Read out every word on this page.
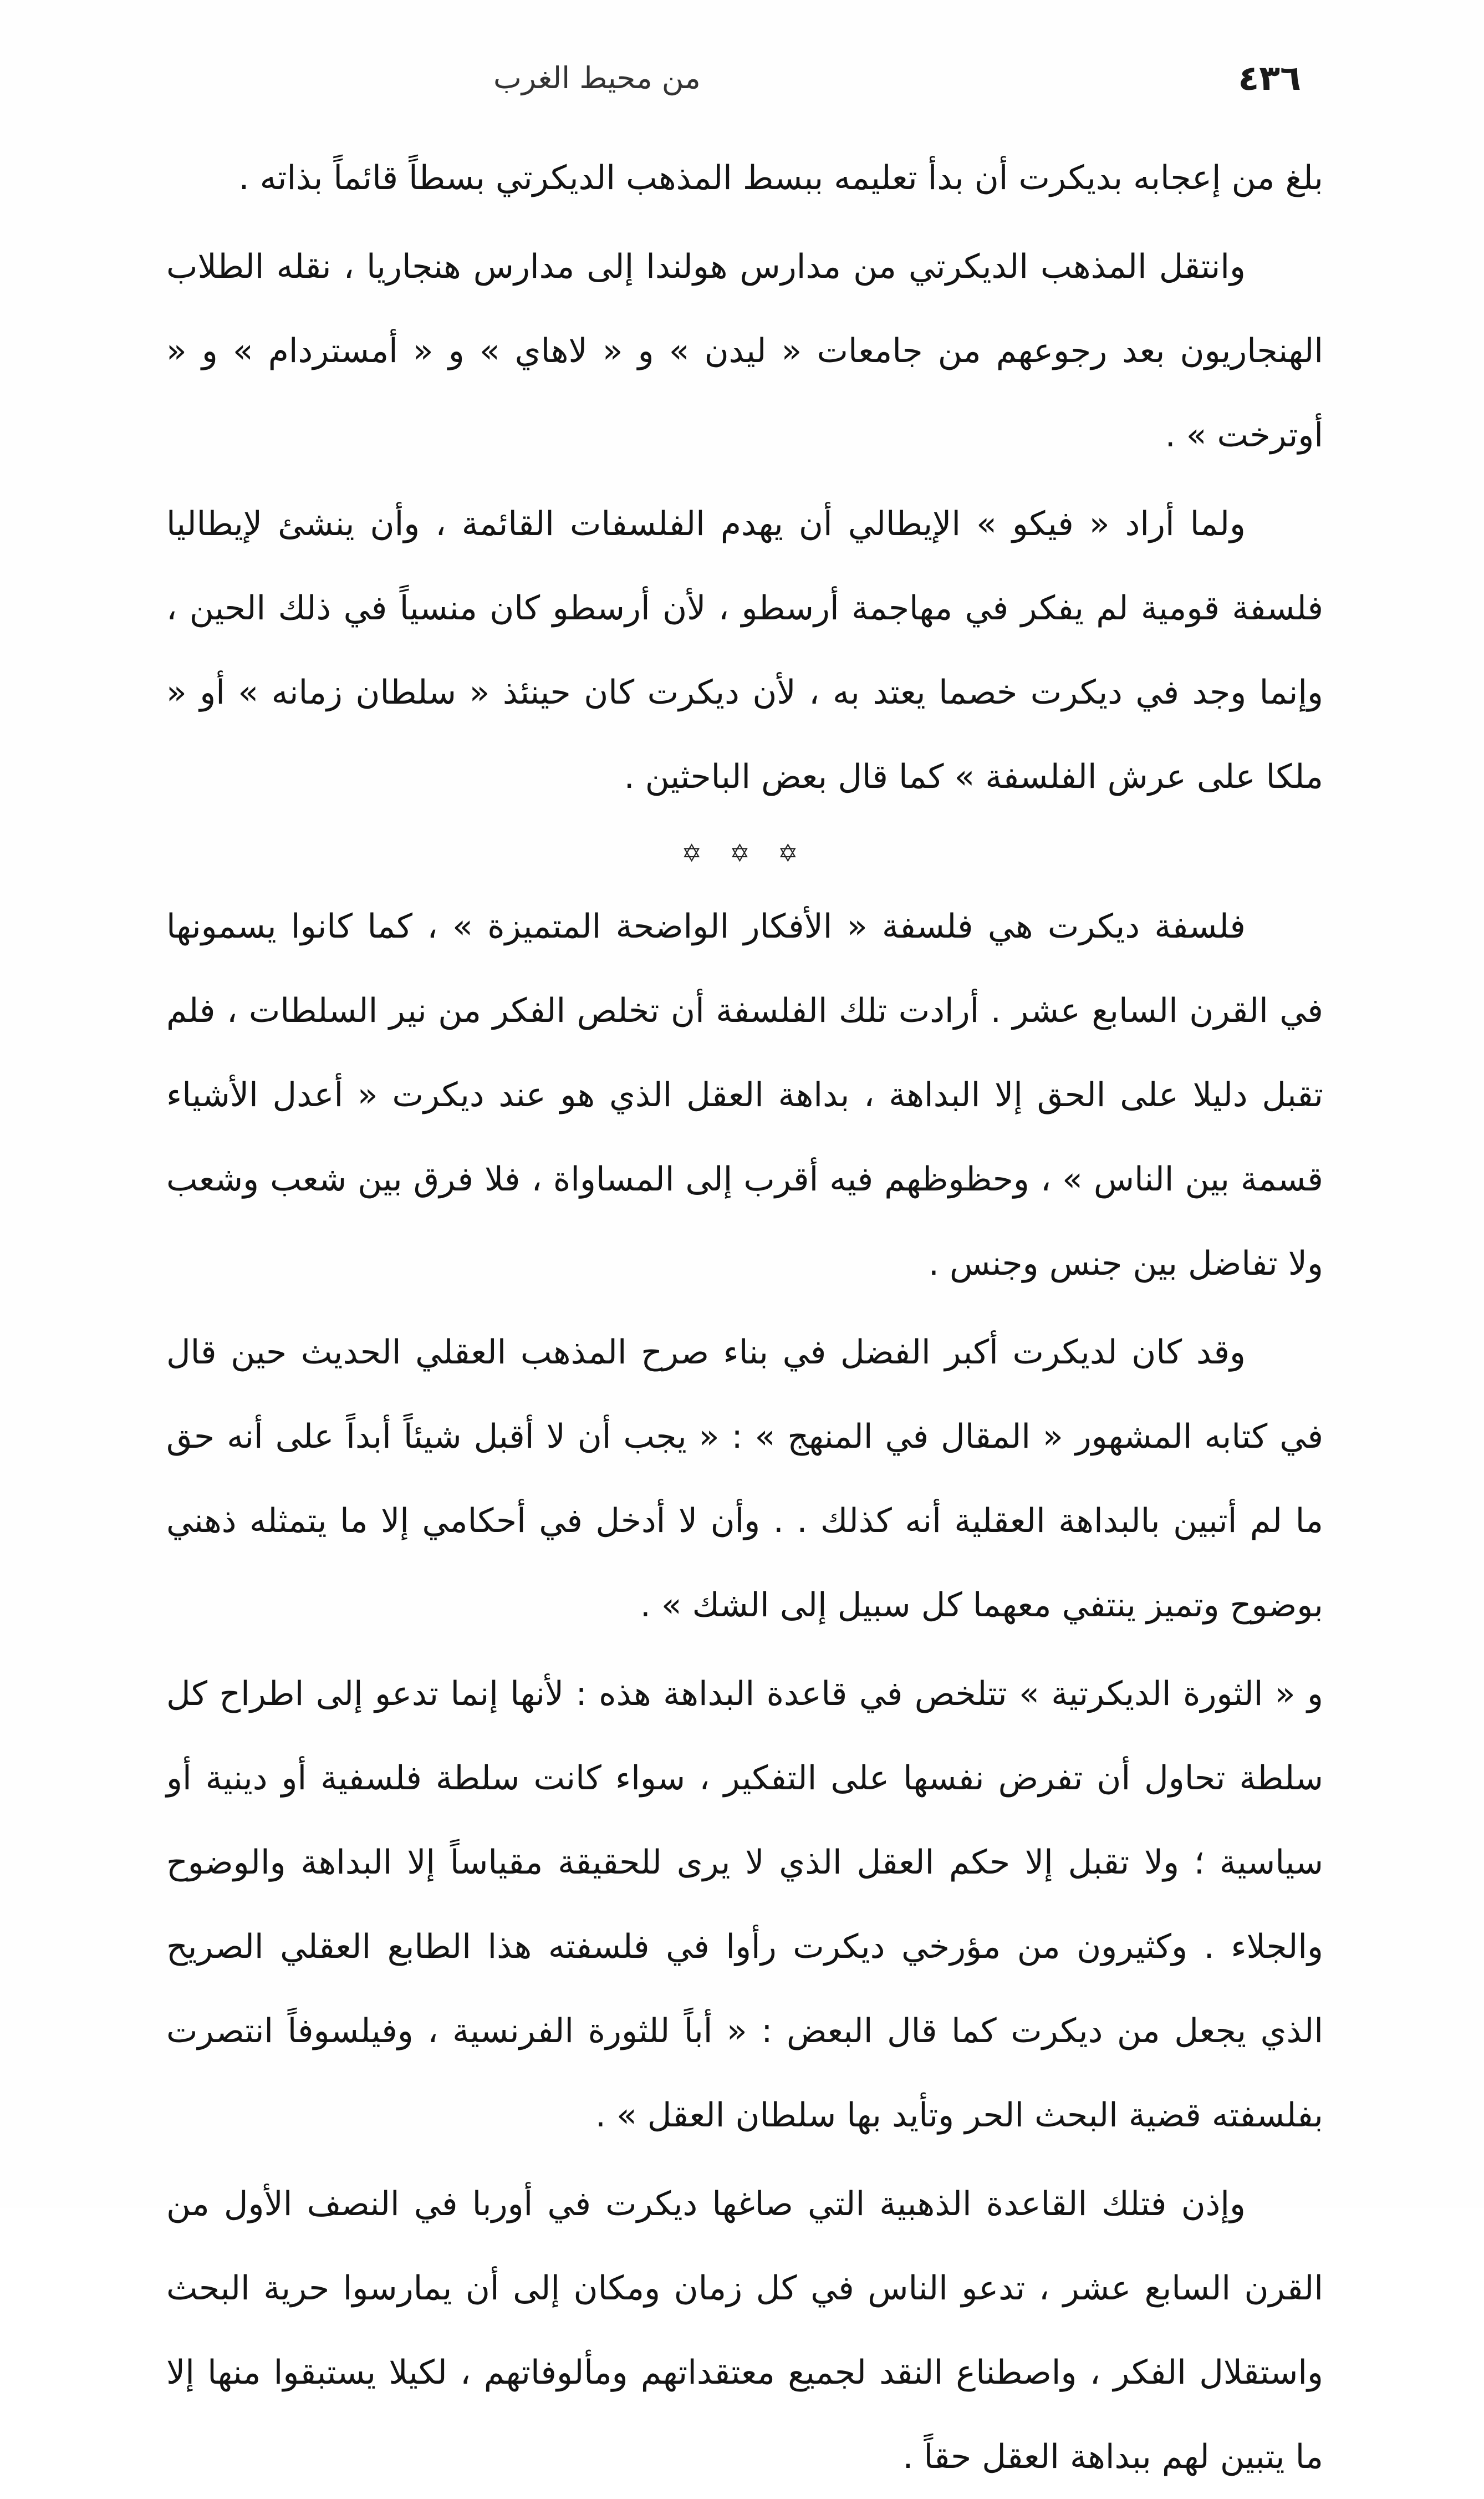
٤٣٦
من محيط الغرب

بلغ من إعجابه بديكرت أن بدأ تعليمه ببسط المذهب الديكرتي بسطاً قائماً بذاته .

وانتقل المذهب الديكرتي من مدارس هولندا إلى مدارس هنجاريا ، نقله الطلاب الهنجاريون بعد رجوعهم من جامعات « ليدن » و « لاهاي » و « أمستردام » و « أوترخت » .

ولما أراد « فيكو » الإيطالي أن يهدم الفلسفات القائمة ، وأن ينشئ لإيطاليا فلسفة قومية لم يفكر في مهاجمة أرسطو ، لأن أرسطو كان منسياً في ذلك الحين ، وإنما وجد في ديكرت خصما يعتد به ، لأن ديكرت كان حينئذ « سلطان زمانه » أو « ملكا على عرش الفلسفة » كما قال بعض الباحثين .

✡ ✡ ✡

فلسفة ديكرت هي فلسفة « الأفكار الواضحة المتميزة » ، كما كانوا يسمونها في القرن السابع عشر . أرادت تلك الفلسفة أن تخلص الفكر من نير السلطات ، فلم تقبل دليلا على الحق إلا البداهة ، بداهة العقل الذي هو عند ديكرت « أعدل الأشياء قسمة بين الناس » ، وحظوظهم فيه أقرب إلى المساواة ، فلا فرق بين شعب وشعب ولا تفاضل بين جنس وجنس .

وقد كان لديكرت أكبر الفضل في بناء صرح المذهب العقلي الحديث حين قال في كتابه المشهور « المقال في المنهج » : « يجب أن لا أقبل شيئاً أبداً على أنه حق ما لم أتبين بالبداهة العقلية أنه كذلك . . وأن لا أدخل في أحكامي إلا ما يتمثله ذهني بوضوح وتميز ينتفي معهما كل سبيل إلى الشك » .

و « الثورة الديكرتية » تتلخص في قاعدة البداهة هذه : لأنها إنما تدعو إلى اطراح كل سلطة تحاول أن تفرض نفسها على التفكير ، سواء كانت سلطة فلسفية أو دينية أو سياسية ؛ ولا تقبل إلا حكم العقل الذي لا يرى للحقيقة مقياساً إلا البداهة والوضوح والجلاء . وكثيرون من مؤرخي ديكرت رأوا في فلسفته هذا الطابع العقلي الصريح الذي يجعل من ديكرت كما قال البعض : « أباً للثورة الفرنسية ، وفيلسوفاً انتصرت بفلسفته قضية البحث الحر وتأيد بها سلطان العقل » .

وإذن فتلك القاعدة الذهبية التي صاغها ديكرت في أوربا في النصف الأول من القرن السابع عشر ، تدعو الناس في كل زمان ومكان إلى أن يمارسوا حرية البحث واستقلال الفكر ، واصطناع النقد لجميع معتقداتهم ومألوفاتهم ، لكيلا يستبقوا منها إلا ما يتبين لهم ببداهة العقل حقاً .
